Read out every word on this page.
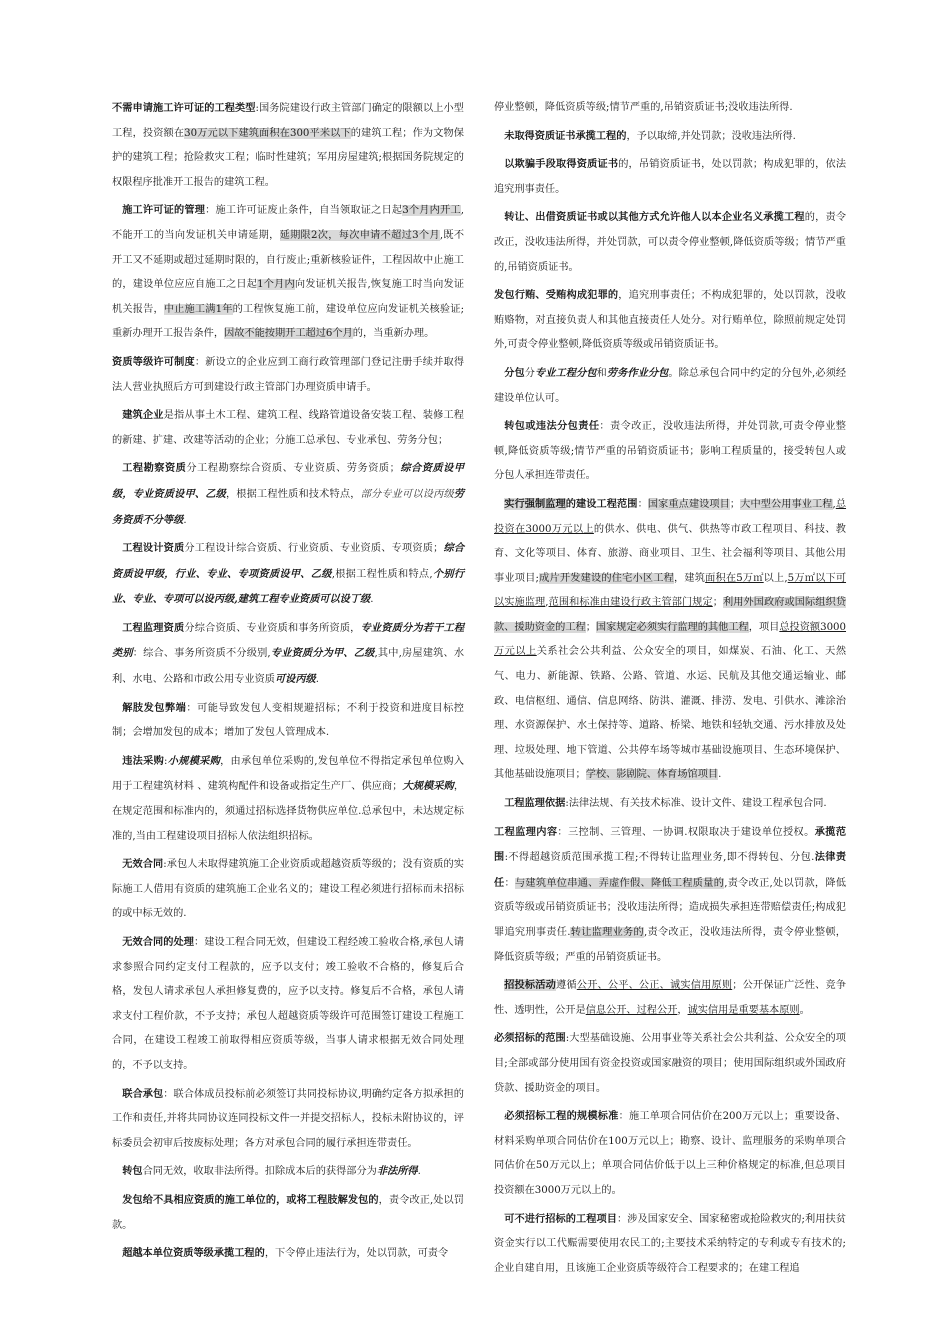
不需申请施工许可证的工程类型:国务院建设行政主管部门确定的限额以上小型工程，投资额在30万元以下建筑面积在300平米以下的建筑工程；作为文物保护的建筑工程；抢险救灾工程；临时性建筑；军用房屋建筑;根据国务院规定的权限程序批准开工报告的建筑工程。

施工许可证的管理：施工许可证废止条件，自当领取证之日起3个月内开工,不能开工的当向发证机关申请延期，延期限2次，每次申请不超过3个月,既不开工又不延期或超过延期时限的，自行废止;重新核验证件，工程因故中止施工的，建设单位应应自施工之日起1个月内向发证机关报告,恢复施工时当向发证机关报告，中止施工满1年的工程恢复施工前，建设单位应向发证机关核验证;重新办理开工报告条件，因故不能按期开工超过6个月的，当重新办理。

资质等级许可制度：新设立的企业应到工商行政管理部门登记注册手续并取得法人营业执照后方可到建设行政主管部门办理资质申请手。

建筑企业是指从事土木工程、建筑工程、线路管道设备安装工程、装修工程的新建、扩建、改建等活动的企业；分施工总承包、专业承包、劳务分包；

工程勘察资质分工程勘察综合资质、专业资质、劳务资质；综合资质设甲级，专业资质设甲、乙级，根据工程性质和技术特点，部分专业可以设丙级劳务资质不分等级.

工程设计资质分工程设计综合资质、行业资质、专业资质、专项资质；综合资质设甲级，行业、专业、专项资质设甲、乙级,根据工程性质和特点,个别行业、专业、专项可以设丙级,建筑工程专业资质可以设丁级.

工程监理资质分综合资质、专业资质和事务所资质，专业资质分为若干工程类别：综合、事务所资质不分级别,专业资质分为甲、乙级,其中,房屋建筑、水利、水电、公路和市政公用专业资质可设丙级.

解肢发包弊端：可能导致发包人变相规避招标；不利于投资和进度目标控制；会增加发包的成本；增加了发包人管理成本.

违法采购:小规模采购，由承包单位采购的,发包单位不得指定承包单位购入用于工程建筑材料 、建筑构配件和设备或指定生产厂、供应商；大规模采购，在规定范围和标准内的，须通过招标选择货物供应单位.总承包中，未达规定标准的,当由工程建设项目招标人依法组织招标。

无效合同:承包人未取得建筑施工企业资质或超越资质等级的；没有资质的实际施工人借用有资质的建筑施工企业名义的；建设工程必须进行招标而未招标的或中标无效的.

无效合同的处理：建设工程合同无效，但建设工程经竣工验收合格,承包人请求参照合同约定支付工程款的，应予以支付；竣工验收不合格的，修复后合格，发包人请求承包人承担修复费的，应予以支持。修复后不合格，承包人请求支付工程价款，不予支持；承包人超越资质等级许可范围签订建设工程施工合同，在建设工程竣工前取得相应资质等级，当事人请求根据无效合同处理的，不予以支持。

联合承包：联合体成员投标前必须签订共同投标协议,明确约定各方拟承担的工作和责任,并将共同协议连同投标文件一并提交招标人，投标未附协议的，评标委员会初审后按废标处理；各方对承包合同的履行承担连带责任。

转包合同无效，收取非法所得。扣除成本后的获得部分为非法所得.

发包给不具相应资质的施工单位的，或将工程肢解发包的，责令改正,处以罚款。

超越本单位资质等级承揽工程的，下令停止违法行为，处以罚款，可责令

停业整顿，降低资质等级;情节严重的,吊销资质证书;没收违法所得.

未取得资质证书承揽工程的，予以取缔,并处罚款；没收违法所得.

以欺骗手段取得资质证书的，吊销资质证书，处以罚款；构成犯罪的，依法追究刑事责任。

转让、出借资质证书或以其他方式允许他人以本企业名义承揽工程的，责令改正，没收违法所得，并处罚款，可以责令停业整顿,降低资质等级；情节严重的,吊销资质证书。

发包行贿、受贿构成犯罪的，追究刑事责任；不构成犯罪的，处以罚款，没收贿赂物，对直接负责人和其他直接责任人处分。对行贿单位，除照前规定处罚外,可责令停业整顿,降低资质等级或吊销资质证书。

分包分专业工程分包和劳务作业分包。除总承包合同中约定的分包外,必须经建设单位认可。

转包或违法分包责任：责令改正，没收违法所得，并处罚款,可责令停业整顿,降低资质等级;情节严重的吊销资质证书；影响工程质量的，接受转包人或分包人承担连带责任。

实行强制监理的建设工程范围：国家重点建设项目；大中型公用事业工程,总投资在3000万元以上的供水、供电、供气、供热等市政工程项目、科技、教育、文化等项目、体育、旅游、商业项目、卫生、社会福利等项目、其他公用事业项目;成片开发建设的住宅小区工程，建筑面积在5万㎡以上,5万㎡以下可以实施监理,范围和标准由建设行政主管部门规定；利用外国政府或国际组织贷款、援助资金的工程；国家规定必须实行监理的其他工程，项目总投资额3000万元以上关系社会公共利益、公众安全的项目，如煤炭、石油、化工、天然气、电力、新能源、铁路、公路、管道、水运、民航及其他交通运输业、邮政、电信枢纽、通信、信息网络、防洪、灌溉、排涝、发电、引供水、滩涂治理、水资源保护、水土保持等、道路、桥梁、地铁和轻轨交通、污水排放及处理、垃圾处理、地下管道、公共停车场等城市基础设施项目、生态环境保护、其他基础设施项目；学校、影剧院、体育场馆项目.

工程监理依据:法律法规、有关技术标准、设计文件、建设工程承包合同.

工程监理内容：三控制、三管理、一协调.权限取决于建设单位授权。承揽范围:不得超越资质范围承揽工程;不得转让监理业务,即不得转包、分包.法律责任：与建筑单位串通、弄虚作假、降低工程质量的,责令改正,处以罚款，降低资质等级或吊销资质证书；没收违法所得；造成损失承担连带赔偿责任;构成犯罪追究刑事责任.转让监理业务的,责令改正，没收违法所得，责令停业整顿，降低资质等级；严重的吊销资质证书。

招投标活动遵循公开、公平、公正、诚实信用原则；公开保证广泛性、竞争性、透明性，公开是信息公开、过程公开，诚实信用是重要基本原则。

必须招标的范围:大型基础设施、公用事业等关系社会公共利益、公众安全的项目;全部或部分使用国有资金投资或国家融资的项目；使用国际组织或外国政府贷款、援助资金的项目。

必须招标工程的规模标准：施工单项合同估价在200万元以上；重要设备、材料采购单项合同估价在100万元以上；勘察、设计、监理服务的采购单项合同估价在50万元以上；单项合同估价低于以上三种价格规定的标准,但总项目投资额在3000万元以上的。

可不进行招标的工程项目：涉及国家安全、国家秘密或抢险救灾的;利用扶贫资金实行以工代赈需要使用农民工的;主要技术采纳特定的专利或专有技术的;企业自建自用，且该施工企业资质等级符合工程要求的；在建工程追
